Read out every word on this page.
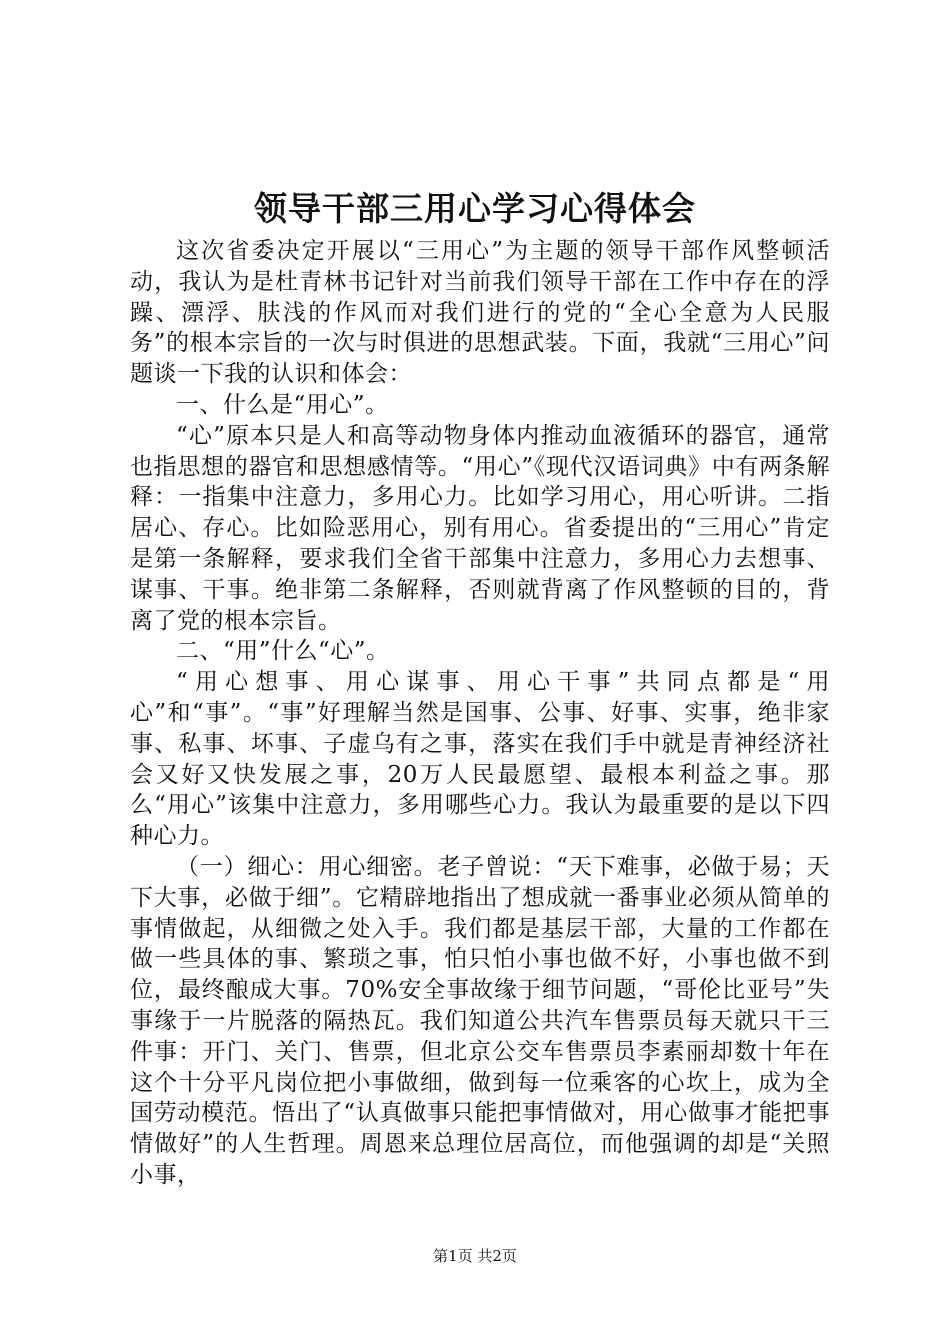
领导干部三用心学习心得体会

这次省委决定开展以“三用心”为主题的领导干部作风整顿活动，我认为是杜青林书记针对当前我们领导干部在工作中存在的浮躁、漂浮、肤浅的作风而对我们进行的党的“全心全意为人民服务”的根本宗旨的一次与时俱进的思想武装。下面，我就“三用心”问题谈一下我的认识和体会：

一、什么是“用心”。

“心”原本只是人和高等动物身体内推动血液循环的器官，通常也指思想的器官和思想感情等。“用心”《现代汉语词典》中有两条解释：一指集中注意力，多用心力。比如学习用心，用心听讲。二指居心、存心。比如险恶用心，别有用心。省委提出的“三用心”肯定是第一条解释，要求我们全省干部集中注意力，多用心力去想事、谋事、干事。绝非第二条解释，否则就背离了作风整顿的目的，背离了党的根本宗旨。

二、“用”什么“心”。

“用心想事、用心谋事、用心干事”共同点都是“用心”和“事”。“事”好理解当然是国事、公事、好事、实事，绝非家事、私事、坏事、子虚乌有之事，落实在我们手中就是青神经济社会又好又快发展之事，20万人民最愿望、最根本利益之事。那么“用心”该集中注意力，多用哪些心力。我认为最重要的是以下四种心力。

（一）细心：用心细密。老子曾说：“天下难事，必做于易；天下大事，必做于细”。它精辟地指出了想成就一番事业必须从简单的事情做起，从细微之处入手。我们都是基层干部，大量的工作都在做一些具体的事、繁琐之事，怕只怕小事也做不好，小事也做不到位，最终酿成大事。70%安全事故缘于细节问题，“哥伦比亚号”失事缘于一片脱落的隔热瓦。我们知道公共汽车售票员每天就只干三件事：开门、关门、售票，但北京公交车售票员李素丽却数十年在这个十分平凡岗位把小事做细，做到每一位乘客的心坎上，成为全国劳动模范。悟出了“认真做事只能把事情做对，用心做事才能把事情做好”的人生哲理。周恩来总理位居高位，而他强调的却是“关照小事，

第1页 共2页
